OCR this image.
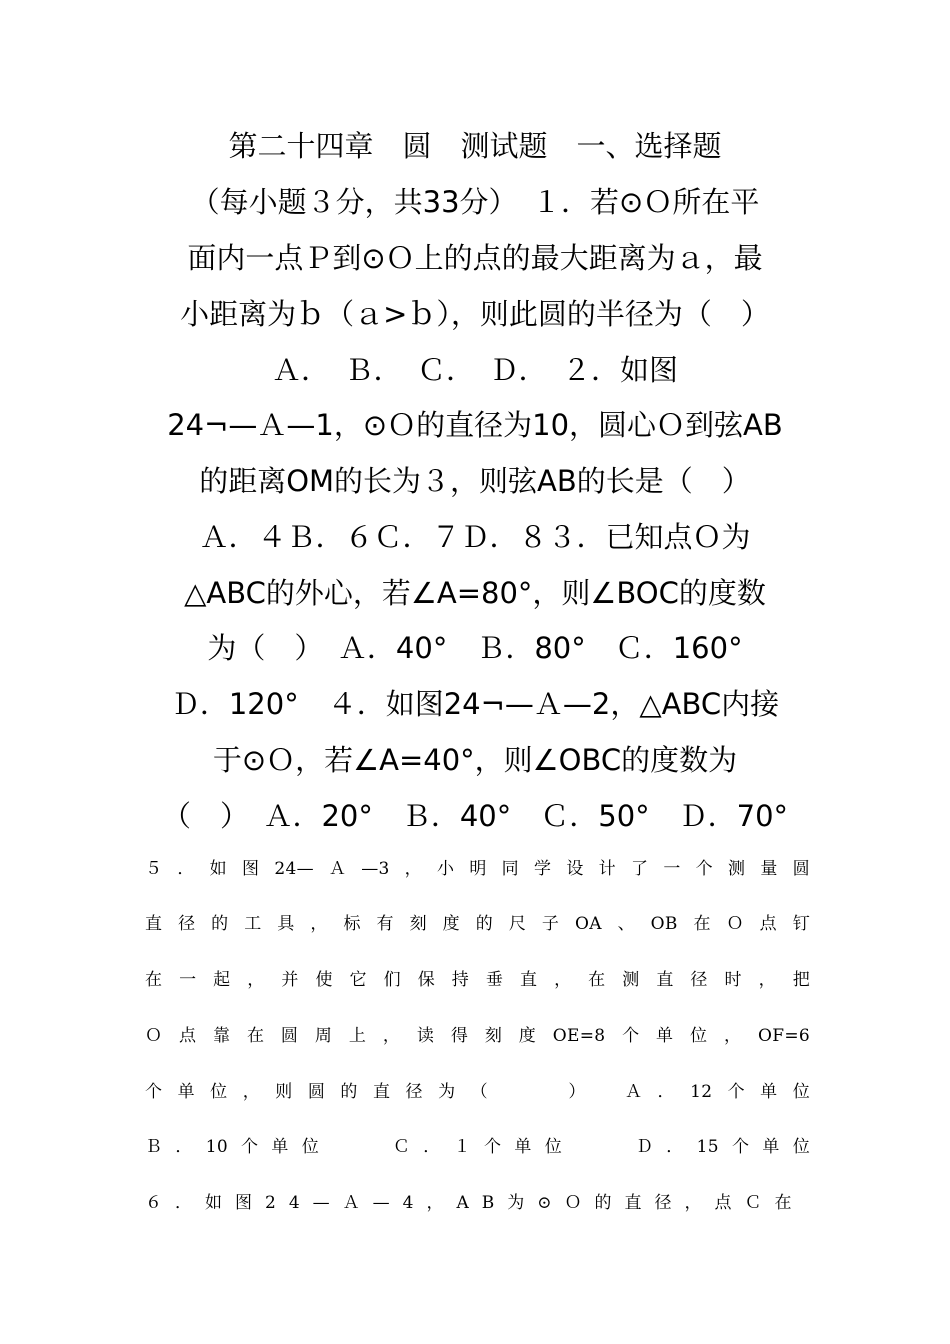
第二十四章　圆　测试题　一、选择题
（每小题３分，共33分）　１．若⊙Ｏ所在平
面内一点Ｐ到⊙Ｏ上的点的最大距离为ａ，最
小距离为ｂ（ａ>ｂ），则此圆的半径为（　）
Ａ．　Ｂ．　Ｃ．　Ｄ．　２．如图
24¬—Ａ—1，⊙Ｏ的直径为10，圆心Ｏ到弦AB
的距离OM的长为３，则弦AB的长是（　）
Ａ．４Ｂ．６Ｃ．７Ｄ．８３．已知点Ｏ为
△ABC的外心，若∠A=80°，则∠BOC的度数
为（　）　Ａ．40°　Ｂ．80°　Ｃ．160°
Ｄ．120°　４．如图24¬—Ａ—2，△ABC内接
于⊙Ｏ，若∠A=40°，则∠OBC的度数为
（　）　Ａ．20°　Ｂ．40°　Ｃ．50°　Ｄ．70°
５．如图24—Ａ—3，小明同学设计了一个测量圆
直径的工具，标有刻度的尺子OA、OB在Ｏ点钉
在一起，并使它们保持垂直，在测直径时，把
Ｏ点靠在圆周上，读得刻度OE=8个单位，OF=6
个单位，则圆的直径为（　　）　Ａ．12个单位
Ｂ．10个单位　　Ｃ．１个单位　　Ｄ．15个单位
６．如图24—Ａ—4，AB为⊙Ｏ的直径，点Ｃ在
